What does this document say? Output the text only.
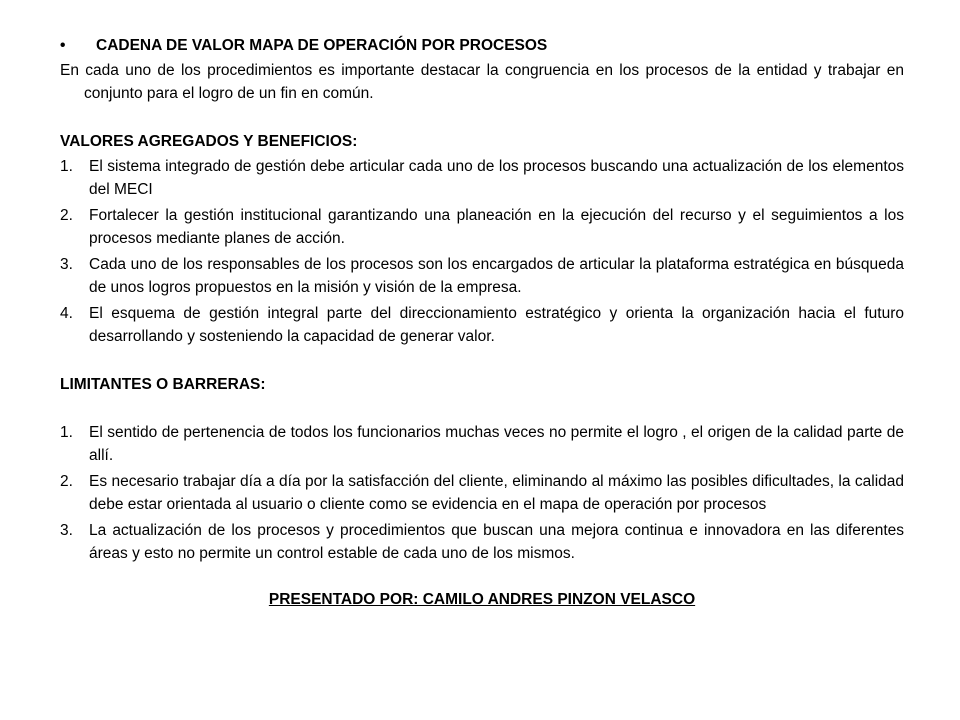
•	CADENA DE VALOR MAPA DE OPERACIÓN POR PROCESOS
En cada uno de los procedimientos es importante destacar la congruencia en los procesos de la entidad y trabajar en conjunto para el logro de un fin en común.
VALORES AGREGADOS Y BENEFICIOS:
1.	El sistema integrado de gestión debe articular cada uno de los procesos buscando una actualización de los elementos del MECI
2.	Fortalecer la gestión institucional garantizando una planeación en la ejecución del recurso y el seguimientos a los procesos mediante planes de acción.
3.	Cada uno de los responsables de los procesos son los encargados de articular la plataforma estratégica en búsqueda de unos logros propuestos en la misión y visión de la empresa.
4.	El esquema de gestión integral parte del direccionamiento estratégico y orienta la organización hacia el futuro desarrollando y sosteniendo la capacidad de generar valor.
LIMITANTES O BARRERAS:
1.	El sentido de pertenencia de todos los funcionarios muchas veces no permite el logro , el origen de la calidad parte de allí.
2.	Es necesario trabajar día a día por la satisfacción del cliente, eliminando al máximo las posibles dificultades, la calidad debe estar orientada al usuario o cliente como se evidencia en el mapa de operación por procesos
3.	La actualización de los procesos y procedimientos que buscan una mejora continua e innovadora en las diferentes áreas y esto no permite un control estable de cada uno de los mismos.
PRESENTADO POR: CAMILO ANDRES PINZON VELASCO
